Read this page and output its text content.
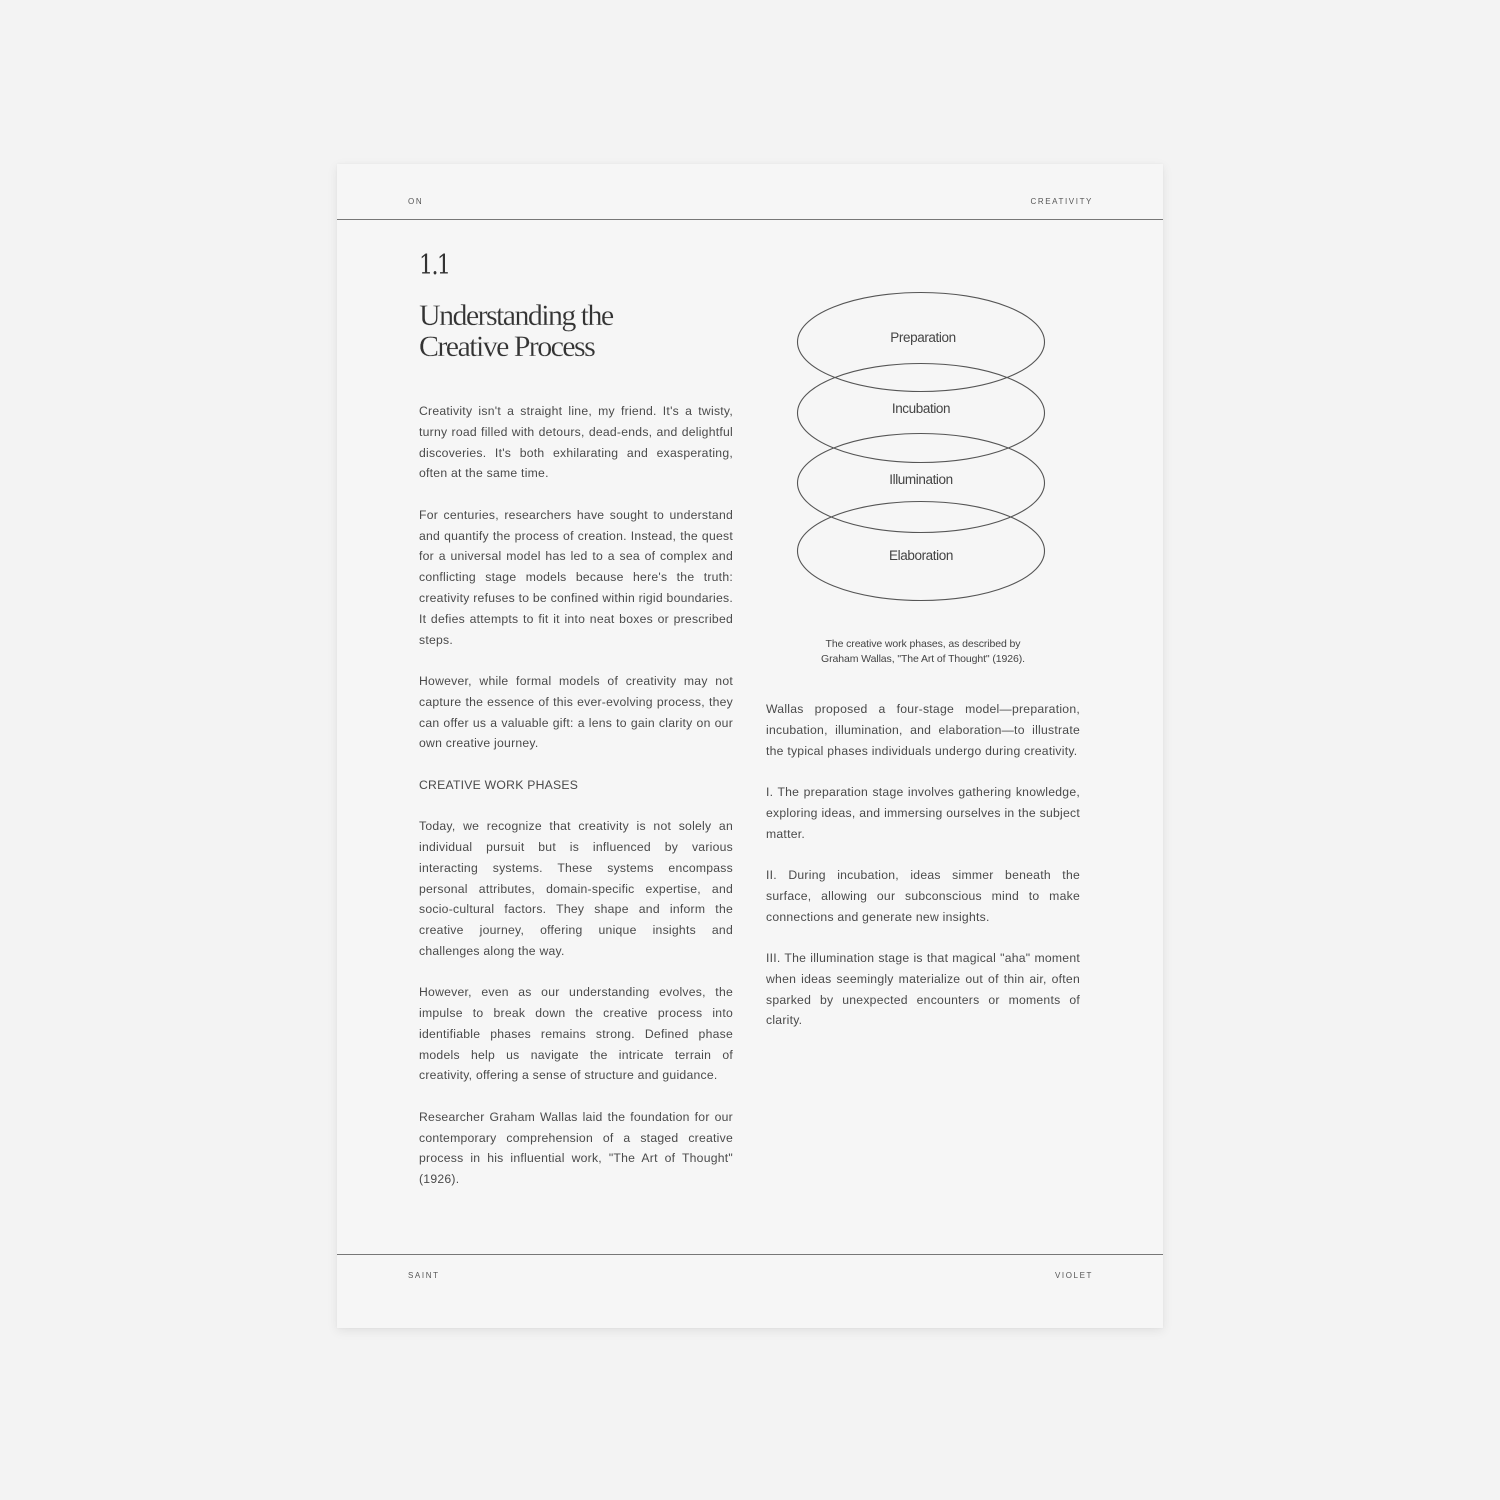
ON	CREATIVITY
1.1
Understanding the
Creative Process

Creativity isn't a straight line, my friend. It's a twisty, turny road filled with detours, dead-ends, and delightful discoveries. It's both exhilarating and exasperating, often at the same time.

For centuries, researchers have sought to understand and quantify the process of creation. Instead, the quest for a universal model has led to a sea of complex and conflicting stage models because here's the truth: creativity refuses to be confined within rigid boundaries. It defies attempts to fit it into neat boxes or prescribed steps.

However, while formal models of creativity may not capture the essence of this ever-evolving process, they can offer us a valuable gift: a lens to gain clarity on our own creative journey.

CREATIVE WORK PHASES

Today, we recognize that creativity is not solely an individual pursuit but is influenced by various interacting systems. These systems encompass personal attributes, domain-specific expertise, and socio-cultural factors. They shape and inform the creative journey, offering unique insights and challenges along the way.

However, even as our understanding evolves, the impulse to break down the creative process into identifiable phases remains strong. Defined phase models help us navigate the intricate terrain of creativity, offering a sense of structure and guidance.

Researcher Graham Wallas laid the foundation for our contemporary comprehension of a staged creative process in his influential work, "The Art of Thought" (1926).

Preparation
Incubation
Illumination
Elaboration
The creative work phases, as described by
Graham Wallas, "The Art of Thought" (1926).

Wallas proposed a four-stage model—preparation, incubation, illumination, and elaboration—to illustrate the typical phases individuals undergo during creativity.

I. The preparation stage involves gathering knowledge, exploring ideas, and immersing ourselves in the subject matter.

II. During incubation, ideas simmer beneath the surface, allowing our subconscious mind to make connections and generate new insights.

III. The illumination stage is that magical "aha" moment when ideas seemingly materialize out of thin air, often sparked by unexpected encounters or moments of clarity.

SAINT	VIOLET
